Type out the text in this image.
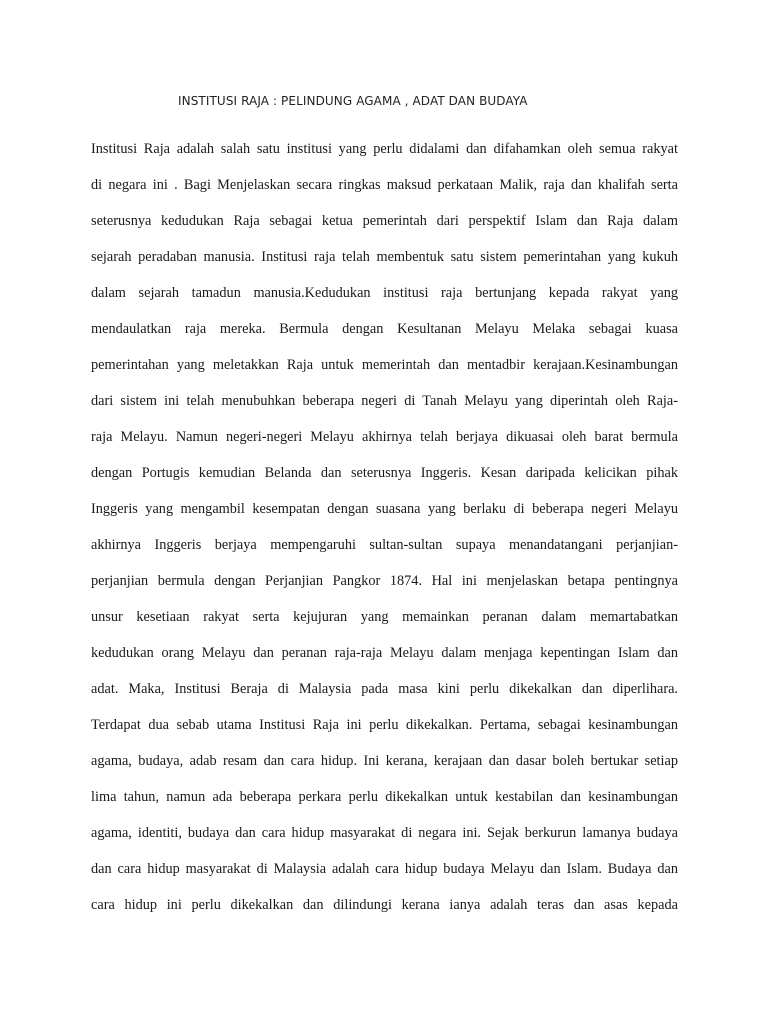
INSTITUSI RAJA : PELINDUNG AGAMA , ADAT DAN BUDAYA
Institusi Raja adalah salah satu institusi yang perlu didalami dan difahamkan oleh semua rakyat
di negara ini . Bagi Menjelaskan secara ringkas maksud perkataan Malik, raja dan khalifah serta
seterusnya kedudukan Raja sebagai ketua pemerintah dari perspektif Islam dan Raja dalam
sejarah peradaban manusia. Institusi raja telah membentuk satu sistem pemerintahan yang kukuh
dalam sejarah tamadun manusia.Kedudukan institusi raja bertunjang kepada rakyat yang
mendaulatkan raja mereka. Bermula dengan Kesultanan Melayu Melaka sebagai kuasa
pemerintahan yang meletakkan Raja untuk memerintah dan mentadbir kerajaan.Kesinambungan
dari sistem ini telah menubuhkan beberapa negeri di Tanah Melayu yang diperintah oleh Raja-
raja Melayu. Namun negeri-negeri Melayu akhirnya telah berjaya dikuasai oleh barat bermula
dengan Portugis kemudian Belanda dan seterusnya Inggeris. Kesan daripada kelicikan pihak
Inggeris yang mengambil kesempatan dengan suasana yang berlaku di beberapa negeri Melayu
akhirnya Inggeris berjaya mempengaruhi sultan-sultan supaya menandatangani perjanjian-
perjanjian bermula dengan Perjanjian Pangkor 1874. Hal ini menjelaskan betapa pentingnya
unsur kesetiaan rakyat serta kejujuran yang memainkan peranan dalam memartabatkan
kedudukan orang Melayu dan peranan raja-raja Melayu dalam menjaga kepentingan Islam dan
adat. Maka, Institusi Beraja di Malaysia pada masa kini perlu dikekalkan dan diperlihara.
Terdapat dua sebab utama Institusi Raja ini perlu dikekalkan. Pertama, sebagai kesinambungan
agama, budaya, adab resam dan cara hidup. Ini kerana, kerajaan dan dasar boleh bertukar setiap
lima tahun, namun ada beberapa perkara perlu dikekalkan untuk kestabilan dan kesinambungan
agama, identiti, budaya dan cara hidup masyarakat di negara ini. Sejak berkurun lamanya budaya
dan cara hidup masyarakat di Malaysia adalah cara hidup budaya Melayu dan Islam. Budaya dan
cara hidup ini perlu dikekalkan dan dilindungi kerana ianya adalah teras dan asas kepada
